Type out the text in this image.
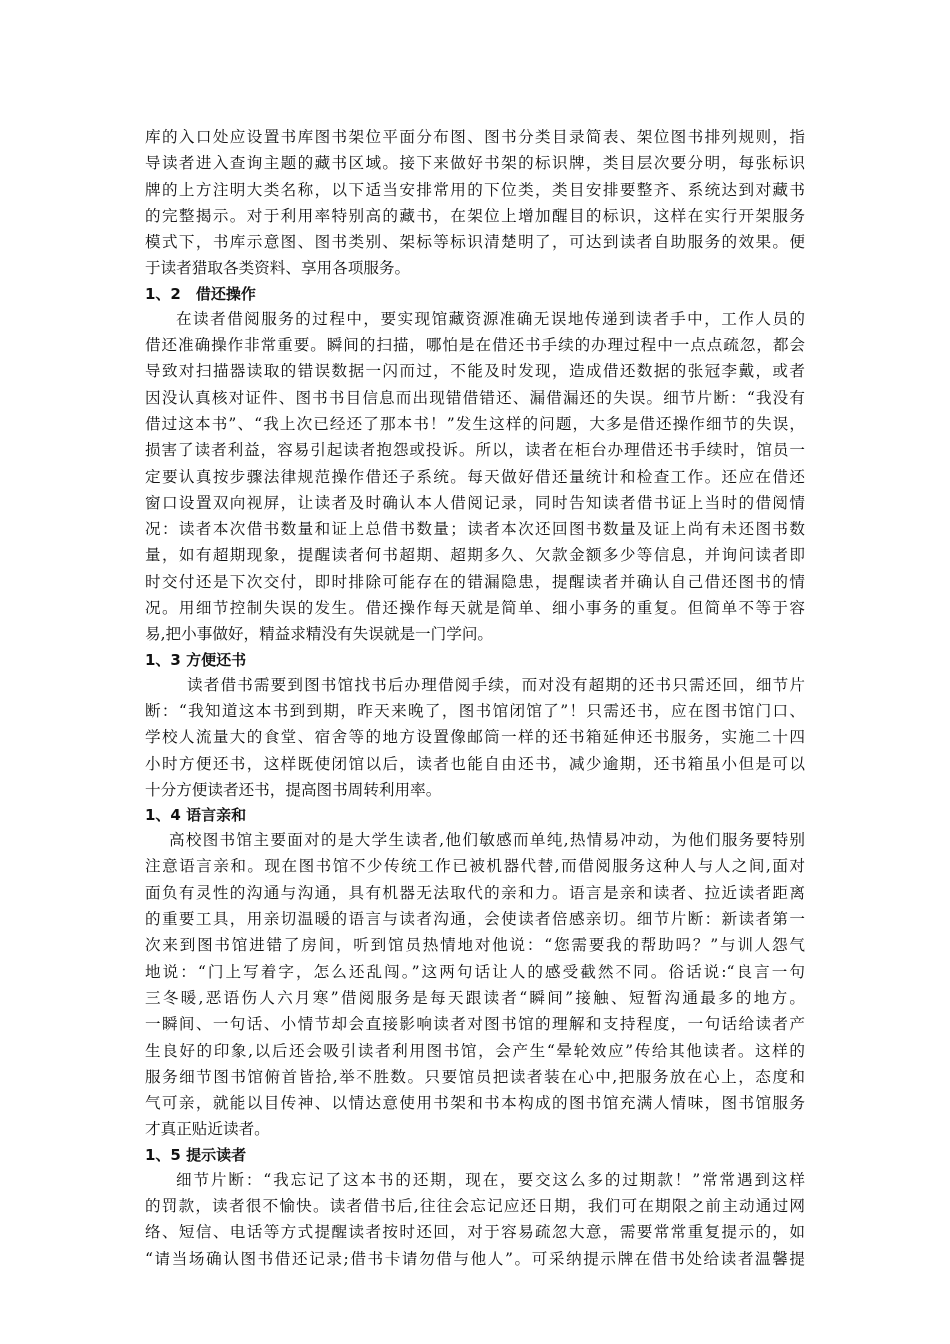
库的入口处应设置书库图书架位平面分布图、图书分类目录简表、架位图书排列规则，指
导读者进入查询主题的藏书区域。接下来做好书架的标识牌，类目层次要分明，每张标识
牌的上方注明大类名称，以下适当安排常用的下位类，类目安排要整齐、系统达到对藏书
的完整揭示。对于利用率特别高的藏书，在架位上增加醒目的标识，这样在实行开架服务
模式下，书库示意图、图书类别、架标等标识清楚明了，可达到读者自助服务的效果。便
于读者猎取各类资料、享用各项服务。
1、2　借还操作
在读者借阅服务的过程中，要实现馆藏资源准确无误地传递到读者手中，工作人员的
借还准确操作非常重要。瞬间的扫描，哪怕是在借还书手续的办理过程中一点点疏忽，都会
导致对扫描器读取的错误数据一闪而过，不能及时发现，造成借还数据的张冠李戴，或者
因没认真核对证件、图书书目信息而出现错借错还、漏借漏还的失误。细节片断：“我没有
借过这本书”、“我上次已经还了那本书！”发生这样的问题，大多是借还操作细节的失误，
损害了读者利益，容易引起读者抱怨或投诉。所以，读者在柜台办理借还书手续时，馆员一
定要认真按步骤法律规范操作借还子系统。每天做好借还量统计和检查工作。还应在借还
窗口设置双向视屏，让读者及时确认本人借阅记录，同时告知读者借书证上当时的借阅情
况：读者本次借书数量和证上总借书数量；读者本次还回图书数量及证上尚有未还图书数
量，如有超期现象，提醒读者何书超期、超期多久、欠款金额多少等信息，并询问读者即
时交付还是下次交付，即时排除可能存在的错漏隐患，提醒读者并确认自己借还图书的情
况。用细节控制失误的发生。借还操作每天就是简单、细小事务的重复。但简单不等于容
易,把小事做好，精益求精没有失误就是一门学问。
1、3 方便还书
读者借书需要到图书馆找书后办理借阅手续，而对没有超期的还书只需还回，细节片
断：“我知道这本书到到期，昨天来晚了，图书馆闭馆了”！只需还书，应在图书馆门口、
学校人流量大的食堂、宿舍等的地方设置像邮筒一样的还书箱延伸还书服务，实施二十四
小时方便还书，这样既使闭馆以后，读者也能自由还书，减少逾期，还书箱虽小但是可以
十分方便读者还书，提高图书周转利用率。
1、4 语言亲和
高校图书馆主要面对的是大学生读者,他们敏感而单纯,热情易冲动，为他们服务要特别
注意语言亲和。现在图书馆不少传统工作已被机器代替,而借阅服务这种人与人之间,面对
面负有灵性的沟通与沟通，具有机器无法取代的亲和力。语言是亲和读者、拉近读者距离
的重要工具，用亲切温暖的语言与读者沟通，会使读者倍感亲切。细节片断：新读者第一
次来到图书馆进错了房间，听到馆员热情地对他说：“您需要我的帮助吗？”与训人怨气
地说：“门上写着字，怎么还乱闯。”这两句话让人的感受截然不同。俗话说:“良言一句
三冬暖,恶语伤人六月寒”借阅服务是每天跟读者“瞬间”接触、短暂沟通最多的地方。
一瞬间、一句话、小情节却会直接影响读者对图书馆的理解和支持程度，一句话给读者产
生良好的印象,以后还会吸引读者利用图书馆，会产生“晕轮效应”传给其他读者。这样的
服务细节图书馆俯首皆拾,举不胜数。只要馆员把读者装在心中,把服务放在心上，态度和
气可亲，就能以目传神、以情达意使用书架和书本构成的图书馆充满人情味，图书馆服务
才真正贴近读者。
1、5 提示读者
细节片断：“我忘记了这本书的还期，现在，要交这么多的过期款！”常常遇到这样
的罚款，读者很不愉快。读者借书后,往往会忘记应还日期，我们可在期限之前主动通过网
络、短信、电话等方式提醒读者按时还回，对于容易疏忽大意，需要常常重复提示的，如
“请当场确认图书借还记录;借书卡请勿借与他人”。可采纳提示牌在借书处给读者温馨提
